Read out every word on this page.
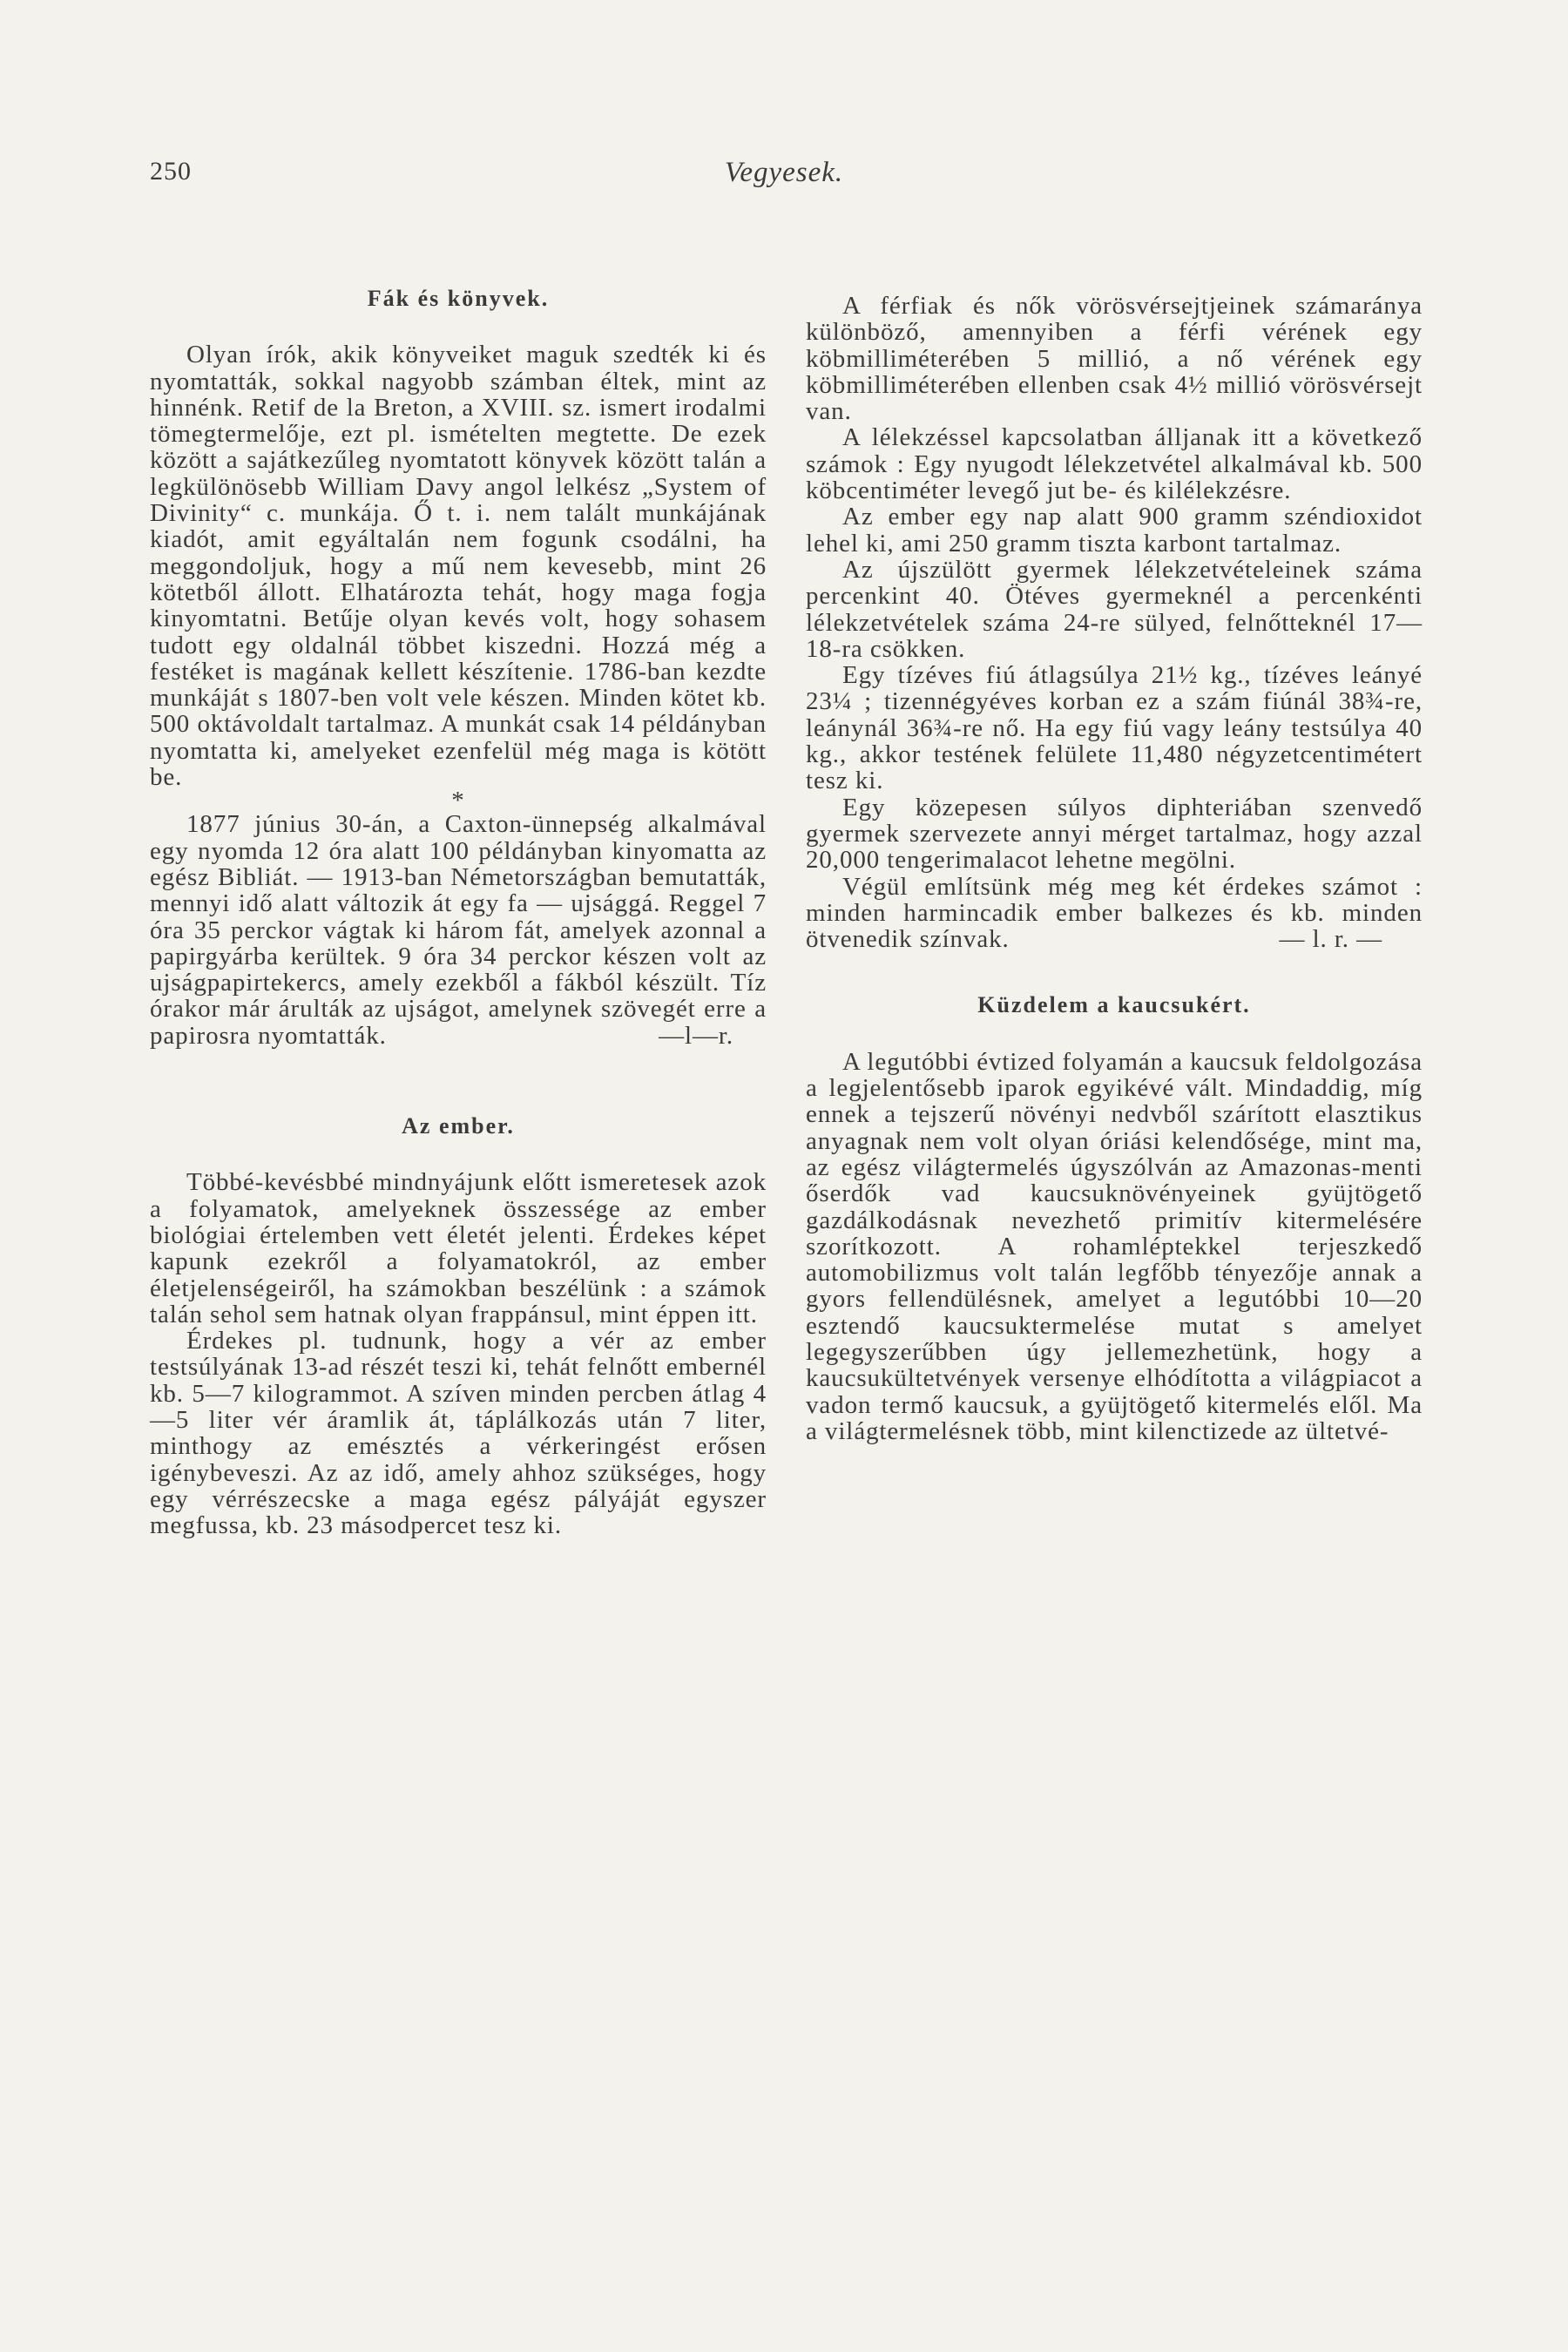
250	Vegyesek.
Fák és könyvek.

Olyan írók, akik könyveiket maguk szedték ki és nyomtatták, sokkal nagyobb számban éltek, mint az hinnénk. Retif de la Breton, a XVIII. sz. ismert irodalmi tömegtermelője, ezt pl. ismételten megtette. De ezek között a sajátkezűleg nyomtatott könyvek között talán a legkülönösebb William Davy angol lelkész „System of Divinity“ c. munkája. Ő t. i. nem talált munkájának kiadót, amit egyáltalán nem fogunk csodálni, ha meggondoljuk, hogy a mű nem kevesebb, mint 26 kötetből állott. Elhatározta tehát, hogy maga fogja kinyomtatni. Betűje olyan kevés volt, hogy sohasem tudott egy oldalnál többet kiszedni. Hozzá még a festéket is magának kellett készítenie. 1786-ban kezdte munkáját s 1807-ben volt vele készen. Minden kötet kb. 500 oktávoldalt tartalmaz. A munkát csak 14 példányban nyomtatta ki, amelyeket ezenfelül még maga is kötött be.

*

1877 június 30-án, a Caxton-ünnepség alkalmával egy nyomda 12 óra alatt 100 példányban kinyomatta az egész Bibliát. — 1913-ban Németországban bemutatták, mennyi idő alatt változik át egy fa — ujsággá. Reggel 7 óra 35 perckor vágtak ki három fát, amelyek azonnal a papirgyárba kerültek. 9 óra 34 perckor készen volt az ujságpapirtekercs, amely ezekből a fákból készült. Tíz órakor már árulták az ujságot, amelynek szövegét erre a papirosra nyomtatták.	—l—r.

Az ember.

Többé-kevésbbé mindnyájunk előtt ismeretesek azok a folyamatok, amelyeknek összessége az ember biológiai értelemben vett életét jelenti. Érdekes képet kapunk ezekről a folyamatokról, az ember életjelenségeiről, ha számokban beszélünk : a számok talán sehol sem hatnak olyan frappánsul, mint éppen itt.

Érdekes pl. tudnunk, hogy a vér az ember testsúlyának 13-ad részét teszi ki, tehát felnőtt embernél kb. 5—7 kilogrammot. A szíven minden percben átlag 4—5 liter vér áramlik át, táplálkozás után 7 liter, minthogy az emésztés a vérkeringést erősen igénybeveszi. Az az idő, amely ahhoz szükséges, hogy egy vérrészecske a maga egész pályáját egyszer megfussa, kb. 23 másodpercet tesz ki.

A férfiak és nők vörösvérsejtjeinek számaránya különböző, amennyiben a férfi vérének egy köbmilliméterében 5 millió, a nő vérének egy köbmilliméterében ellenben csak 4½ millió vörösvérsejt van.

A lélekzéssel kapcsolatban álljanak itt a következő számok : Egy nyugodt lélekzetvétel alkalmával kb. 500 köbcentiméter levegő jut be- és kilélekzésre.

Az ember egy nap alatt 900 gramm széndioxidot lehel ki, ami 250 gramm tiszta karbont tartalmaz.

Az újszülött gyermek lélekzetvételeinek száma percenkint 40. Ötéves gyermeknél a percenkénti lélekzetvételek száma 24-re sülyed, felnőtteknél 17—18-ra csökken.

Egy tízéves fiú átlagsúlya 21½ kg., tízéves leányé 23¼ ; tizennégyéves korban ez a szám fiúnál 38¾-re, leánynál 36¾-re nő. Ha egy fiú vagy leány testsúlya 40 kg., akkor testének felülete 11,480 négyzetcentimétert tesz ki.

Egy közepesen súlyos diphteriában szenvedő gyermek szervezete annyi mérget tartalmaz, hogy azzal 20,000 tengerimalacot lehetne megölni.

Végül említsünk még meg két érdekes számot : minden harmincadik ember balkezes és kb. minden ötvenedik színvak.	— l. r. —

Küzdelem a kaucsukért.

A legutóbbi évtized folyamán a kaucsuk feldolgozása a legjelentősebb iparok egyikévé vált. Mindaddig, míg ennek a tejszerű növényi nedvből szárított elasztikus anyagnak nem volt olyan óriási kelendősége, mint ma, az egész világtermelés úgyszólván az Amazonas-menti őserdők vad kaucsuknövényeinek gyüjtögető gazdálkodásnak nevezhető primitív kitermelésére szorítkozott. A rohamléptekkel terjeszkedő automobilizmus volt talán legfőbb tényezője annak a gyors fellendülésnek, amelyet a legutóbbi 10—20 esztendő kaucsuktermelése mutat s amelyet legegyszerűbben úgy jellemezhetünk, hogy a kaucsukültetvények versenye elhódította a világpiacot a vadon termő kaucsuk, a gyüjtögető kitermelés elől. Ma a világtermelésnek több, mint kilenctizede az ültetvé-
